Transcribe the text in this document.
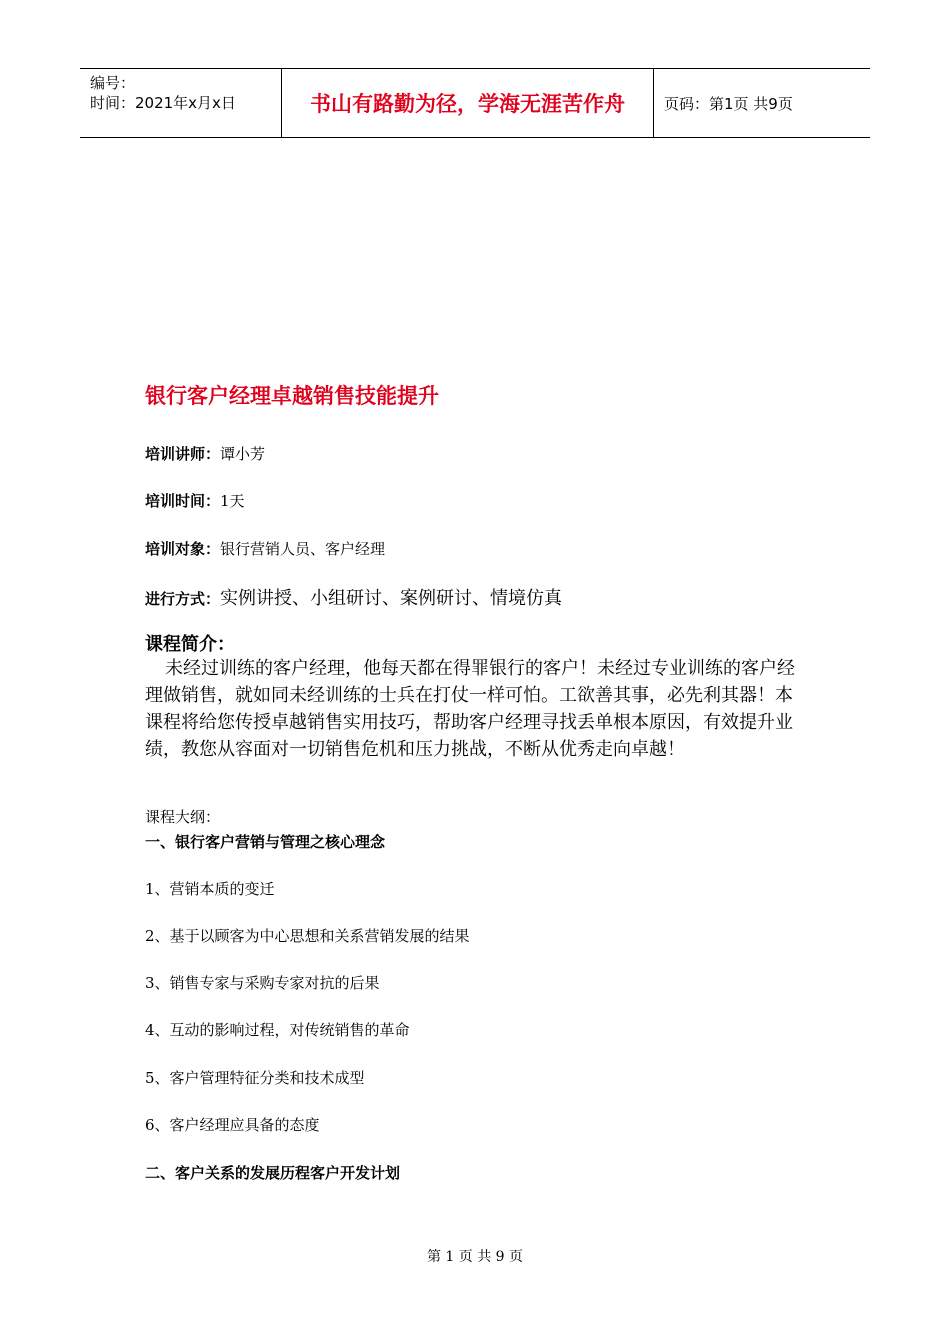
编号：
时间：2021年x月x日	书山有路勤为径，学海无涯苦作舟	页码：第1页 共9页
银行客户经理卓越销售技能提升
培训讲师：谭小芳
培训时间：1天
培训对象：银行营销人员、客户经理
进行方式：实例讲授、小组研讨、案例研讨、情境仿真
课程简介：

未经过训练的客户经理，他每天都在得罪银行的客户！未经过专业训练的客户经理做销售，就如同未经训练的士兵在打仗一样可怕。工欲善其事，必先利其器！本课程将给您传授卓越销售实用技巧，帮助客户经理寻找丢单根本原因，有效提升业绩，教您从容面对一切销售危机和压力挑战，不断从优秀走向卓越！

课程大纲：
一、银行客户营销与管理之核心理念
1、营销本质的变迁
2、基于以顾客为中心思想和关系营销发展的结果
3、销售专家与采购专家对抗的后果
4、互动的影响过程，对传统销售的革命
5、客户管理特征分类和技术成型
6、客户经理应具备的态度
二、客户关系的发展历程客户开发计划
第 1 页 共 9 页
